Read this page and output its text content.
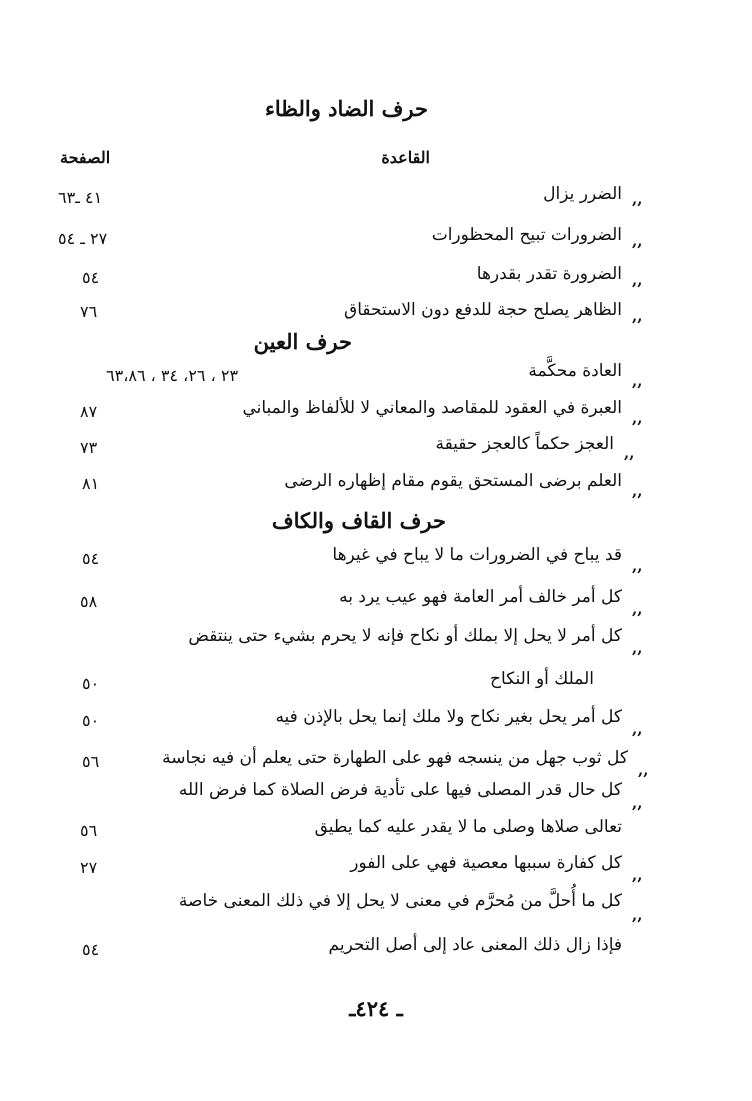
حرف الضاد والظاء
القاعدة
الصفحة
,,
الضرر يزال
٤١ ـ٦٣
,,
الضرورات تبيح المحظورات
٢٧ ـ ٥٤
,,
الضرورة تقدر بقدرها
٥٤
,,
الظاهر يصلح حجة للدفع دون الاستحقاق
٧٦
حرف العين
,,
العادة محكَّمة
٢٣ ، ٢٦، ٣٤ ، ٦٣،٨٦
,,
العبرة في العقود للمقاصد والمعاني لا للألفاظ والمباني
٨٧
,,
العجز حكماً كالعجز حقيقة
٧٣
,,
العلم برضى المستحق يقوم مقام إظهاره الرضى
٨١
حرف القاف والكاف
,,
قد يباح في الضرورات ما لا يباح في غيرها
٥٤
,,
كل أمر خالف أمر العامة فهو عيب يرد به
٥٨
,,
كل أمر لا يحل إلا بملك أو نكاح فإنه لا يحرم بشيء حتى ينتقض
الملك أو النكاح
٥٠
,,
كل أمر يحل بغير نكاح ولا ملك إنما يحل بالإذن فيه
٥٠
,,
كل ثوب جهل من ينسجه فهو على الطهارة حتى يعلم أن فيه نجاسة
٥٦
,,
كل حال قدر المصلى فيها على تأدية فرض الصلاة كما فرض الله
تعالى صلاها وصلى ما لا يقدر عليه كما يطيق
٥٦
,,
كل كفارة سببها معصية فهي على الفور
٢٧
,,
كل ما أُحلَّ من مُحرَّم في معنى لا يحل إلا في ذلك المعنى خاصة
فإذا زال ذلك المعنى عاد إلى أصل التحريم
٥٤
ـ ٤٢٤ـ
